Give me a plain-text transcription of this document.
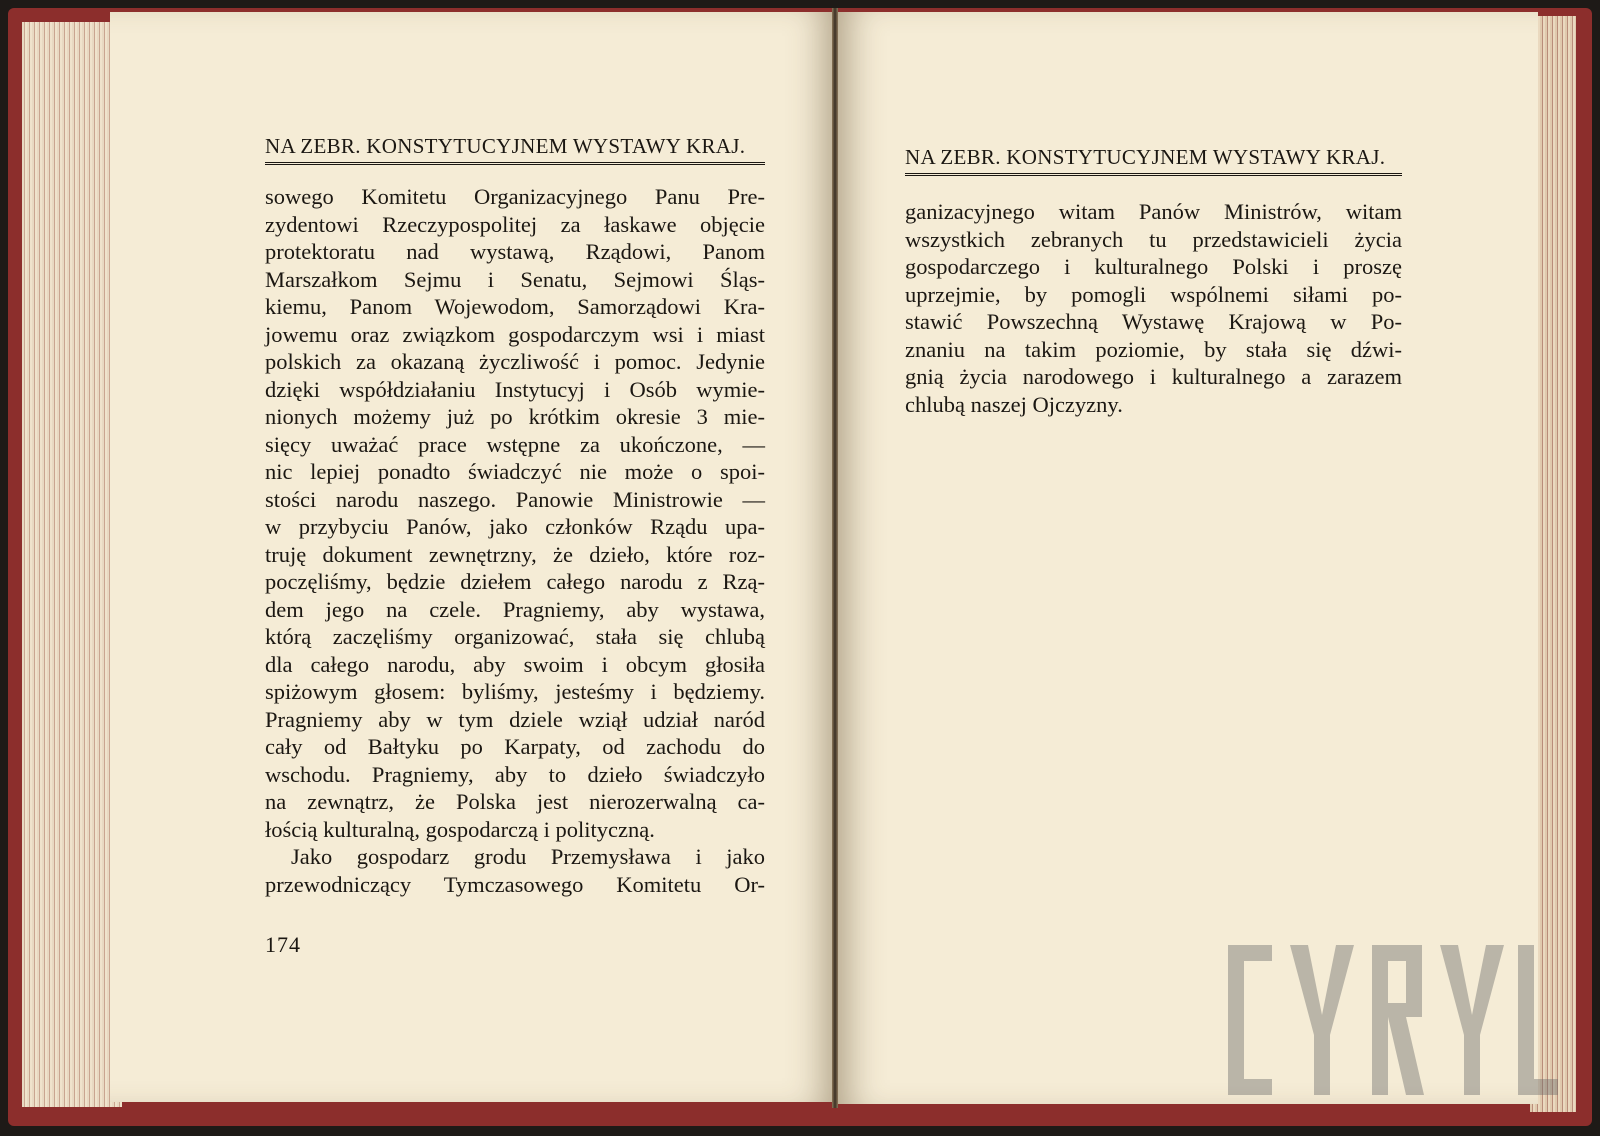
NA ZEBR. KONSTYTUCYJNEM WYSTAWY KRAJ.	NA ZEBR. KONSTYTUCYJNEM WYSTAWY KRAJ.
sowego Komitetu Organizacyjnego Panu Pre-
zydentowi Rzeczypospolitej za łaskawe objęcie
protektoratu nad wystawą, Rządowi, Panom
Marszałkom Sejmu i Senatu, Sejmowi Śląs-
kiemu, Panom Wojewodom, Samorządowi Kra-
jowemu oraz związkom gospodarczym wsi i miast
polskich za okazaną życzliwość i pomoc. Jedynie
dzięki współdziałaniu Instytucyj i Osób wymie-
nionych możemy już po krótkim okresie 3 mie-
sięcy uważać prace wstępne za ukończone, —
nic lepiej ponadto świadczyć nie może o spoi-
stości narodu naszego. Panowie Ministrowie —
w przybyciu Panów, jako członków Rządu upa-
truję dokument zewnętrzny, że dzieło, które roz-
poczęliśmy, będzie dziełem całego narodu z Rzą-
dem jego na czele. Pragniemy, aby wystawa,
którą zaczęliśmy organizować, stała się chlubą
dla całego narodu, aby swoim i obcym głosiła
spiżowym głosem: byliśmy, jesteśmy i będziemy.
Pragniemy aby w tym dziele wziął udział naród
cały od Bałtyku po Karpaty, od zachodu do
wschodu. Pragniemy, aby to dzieło świadczyło
na zewnątrz, że Polska jest nierozerwalną ca-
łością kulturalną, gospodarczą i polityczną.
Jako gospodarz grodu Przemysława i jako
przewodniczący Tymczasowego Komitetu Or-
ganizacyjnego witam Panów Ministrów, witam
wszystkich zebranych tu przedstawicieli życia
gospodarczego i kulturalnego Polski i proszę
uprzejmie, by pomogli wspólnemi siłami po-
stawić Powszechną Wystawę Krajową w Po-
znaniu na takim poziomie, by stała się dźwi-
gnią życia narodowego i kulturalnego a zarazem
chlubą naszej Ojczyzny.
174
